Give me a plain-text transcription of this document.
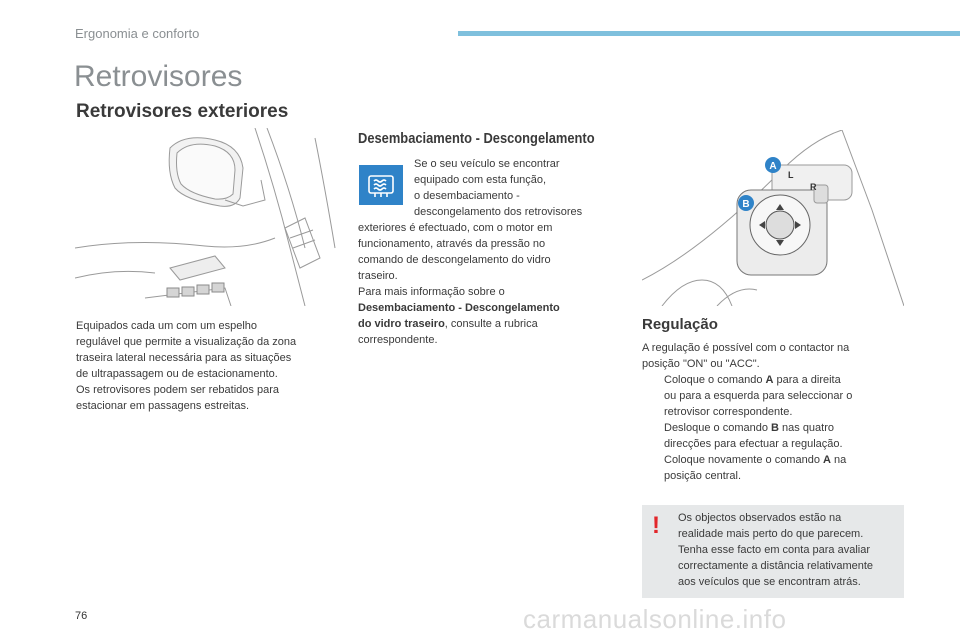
Ergonomia e conforto
Retrovisores
Retrovisores exteriores
Equipados cada um com um espelho
regulável que permite a visualização da zona
traseira lateral necessária para as situações
de ultrapassagem ou de estacionamento.
Os retrovisores podem ser rebatidos para
estacionar em passagens estreitas.
Desembaciamento - Descongelamento
Se o seu veículo se encontrar
equipado com esta função,
o desembaciamento -
descongelamento dos retrovisores
exteriores é efectuado, com o motor em
funcionamento, através da pressão no
comando de descongelamento do vidro
traseiro.
Para mais informação sobre o
Desembaciamento - Descongelamento
do vidro traseiro, consulte a rubrica
correspondente.
A
B
L
R
Regulação
A regulação é possível com o contactor na
posição "ON" ou "ACC".
Coloque o comando A para a direita
ou para a esquerda para seleccionar o
retrovisor correspondente.
Desloque o comando B nas quatro
direcções para efectuar a regulação.
Coloque novamente o comando A na
posição central.
! Os objectos observados estão na
realidade mais perto do que parecem.
Tenha esse facto em conta para avaliar
correctamente a distância relativamente
aos veículos que se encontram atrás.
76	carmanualsonline.info
